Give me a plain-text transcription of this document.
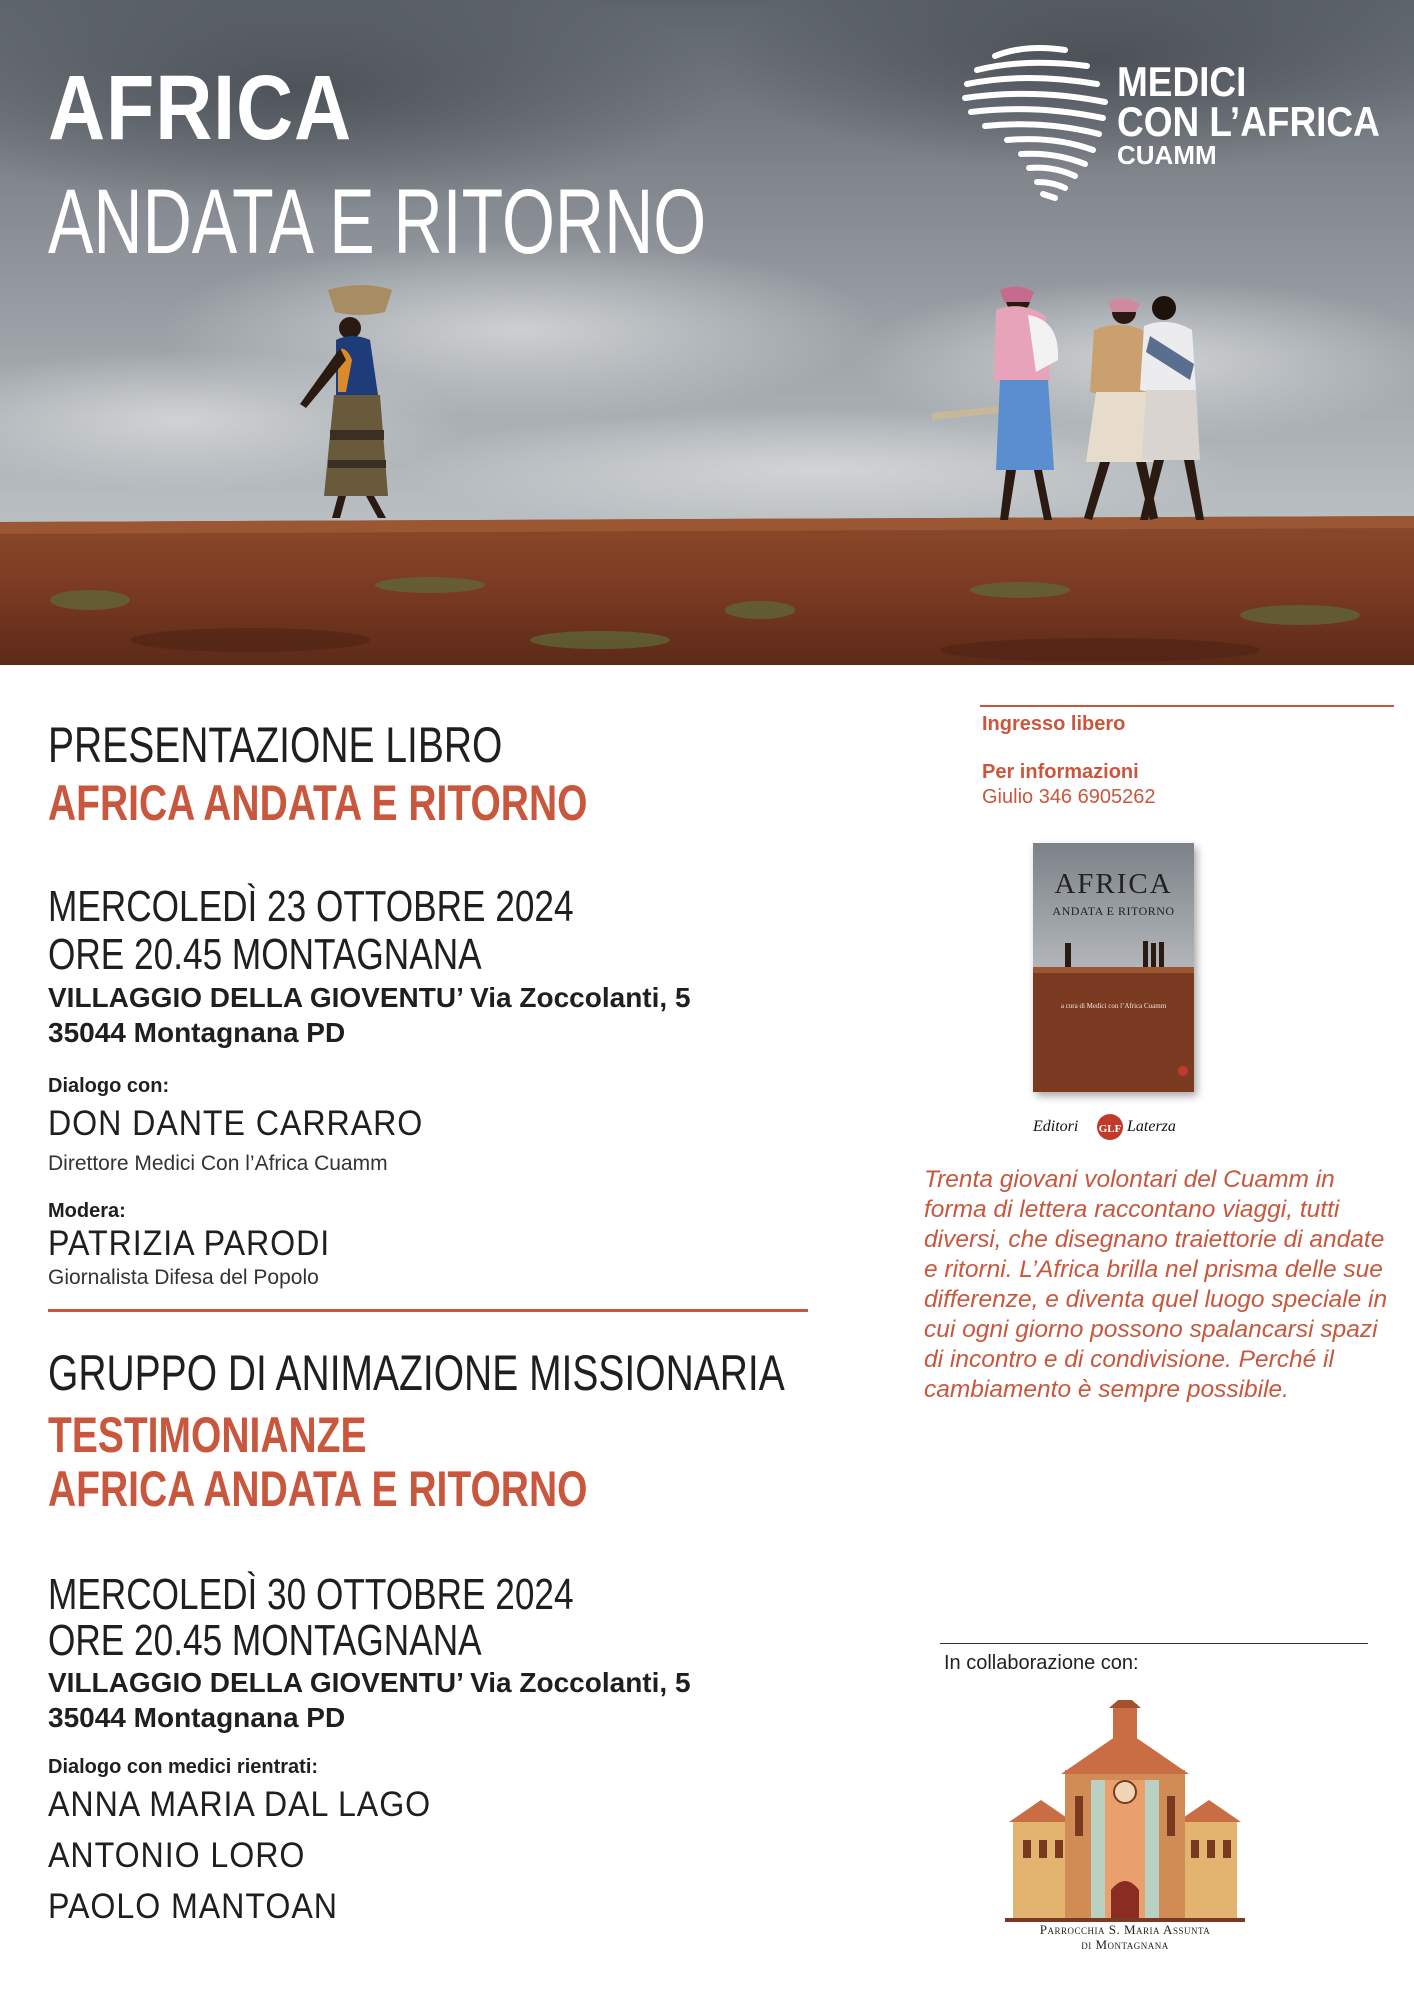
AFRICA
ANDATA E RITORNO
MEDICI
CON L’AFRICA
CUAMM
PRESENTAZIONE LIBRO
AFRICA ANDATA E RITORNO
MERCOLEDÌ 23 OTTOBRE 2024
ORE 20.45 MONTAGNANA
VILLAGGIO DELLA GIOVENTU’ Via Zoccolanti, 5
35044 Montagnana PD
Dialogo con:
DON DANTE CARRARO
Direttore Medici Con l’Africa Cuamm
Modera:
PATRIZIA PARODI
Giornalista Difesa del Popolo
GRUPPO DI ANIMAZIONE MISSIONARIA
TESTIMONIANZE
AFRICA ANDATA E RITORNO
MERCOLEDÌ 30 OTTOBRE 2024
ORE 20.45 MONTAGNANA
VILLAGGIO DELLA GIOVENTU’ Via Zoccolanti, 5
35044 Montagnana PD
Dialogo con medici rientrati:
ANNA MARIA DAL LAGO
ANTONIO LORO
PAOLO MANTOAN
Ingresso libero
Per informazioni
Giulio 346 6905262
AFRICA
ANDATA E RITORNO
a cura di Medici con l’Africa Cuamm
Editori GLF Laterza
Trenta giovani volontari del Cuamm in forma di lettera raccontano viaggi, tutti diversi, che disegnano traiettorie di andate e ritorni. L’Africa brilla nel prisma delle sue differenze, e diventa quel luogo speciale in cui ogni giorno possono spalancarsi spazi di incontro e di condivisione. Perché il cambiamento è sempre possibile.
In collaborazione con:
Parrocchia S. Maria Assunta
di Montagnana
